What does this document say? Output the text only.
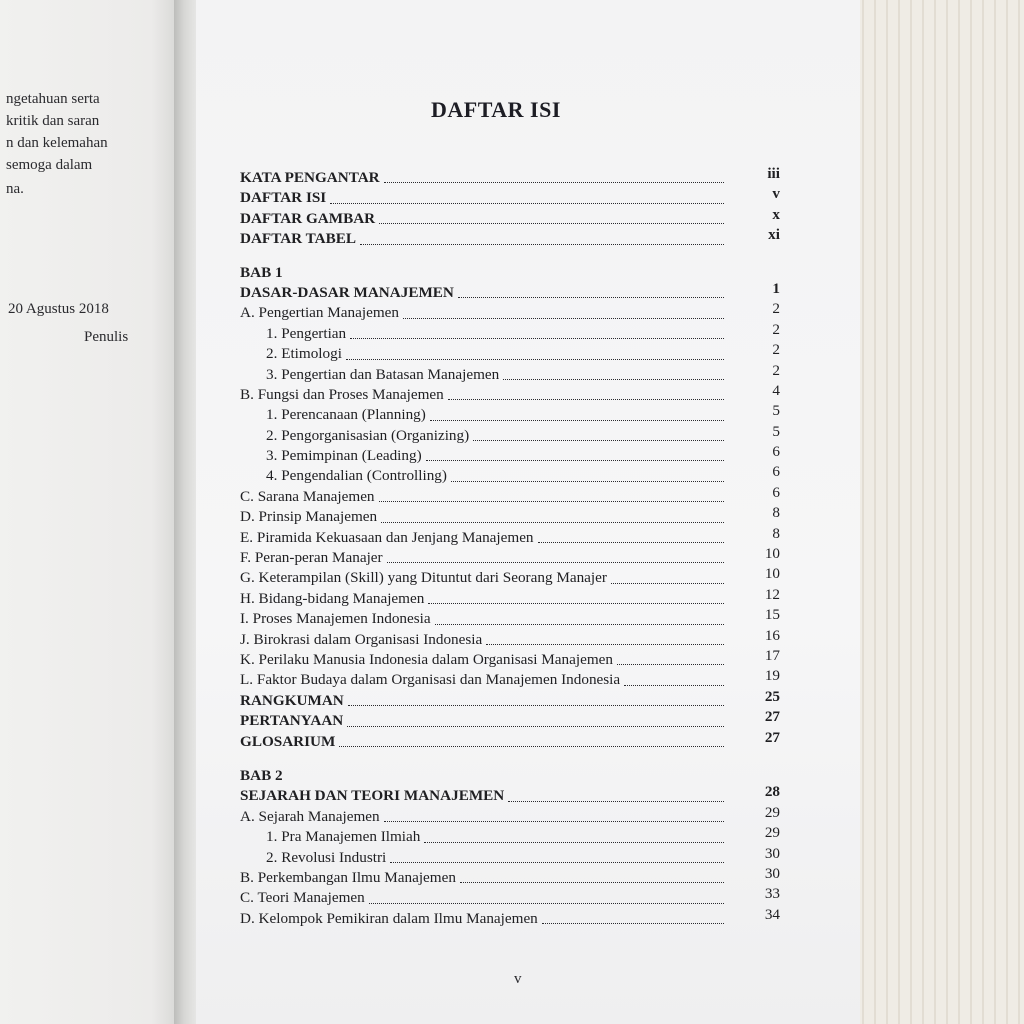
ngetahuan serta
kritik dan saran
n dan kelemahan
semoga dalam
na.
20 Agustus 2018
Penulis
DAFTAR ISI
KATA PENGANTAR	iii
DAFTAR ISI	v
DAFTAR GAMBAR	x
DAFTAR TABEL	xi
BAB 1
DASAR-DASAR MANAJEMEN	1
A. Pengertian Manajemen	2
1. Pengertian	2
2. Etimologi	2
3. Pengertian dan Batasan Manajemen	2
B. Fungsi dan Proses Manajemen	4
1. Perencanaan (Planning)	5
2. Pengorganisasian (Organizing)	5
3. Pemimpinan (Leading)	6
4. Pengendalian (Controlling)	6
C. Sarana Manajemen	6
D. Prinsip Manajemen	8
E. Piramida Kekuasaan dan Jenjang Manajemen	8
F. Peran-peran Manajer	10
G. Keterampilan (Skill) yang Dituntut dari Seorang Manajer	10
H. Bidang-bidang Manajemen	12
I. Proses Manajemen Indonesia	15
J. Birokrasi dalam Organisasi Indonesia	16
K. Perilaku Manusia Indonesia dalam Organisasi Manajemen	17
L. Faktor Budaya dalam Organisasi dan Manajemen Indonesia	19
RANGKUMAN	25
PERTANYAAN	27
GLOSARIUM	27
BAB 2
SEJARAH DAN TEORI MANAJEMEN	28
A. Sejarah Manajemen	29
1. Pra Manajemen Ilmiah	29
2. Revolusi Industri	30
B. Perkembangan Ilmu Manajemen	30
C. Teori Manajemen	33
D. Kelompok Pemikiran dalam Ilmu Manajemen	34
v
